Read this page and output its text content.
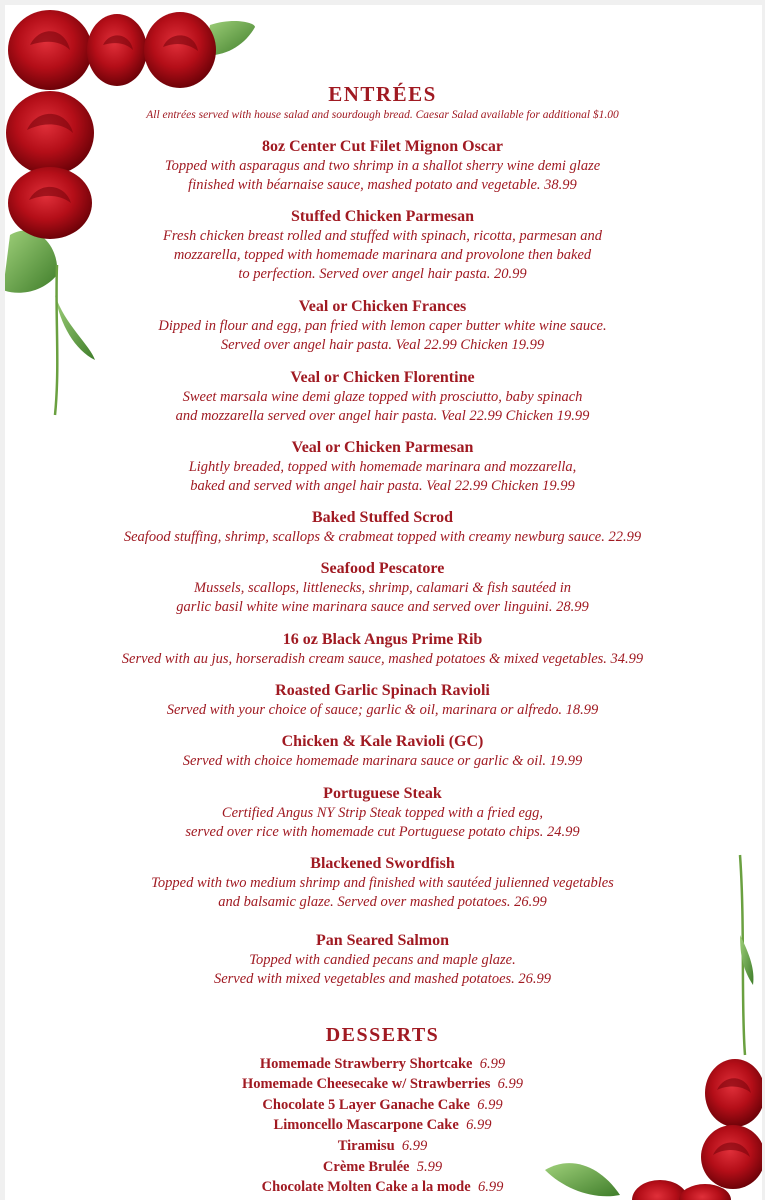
ENTRÉES
All entrées served with house salad and sourdough bread. Caesar Salad available for additional $1.00
8oz Center Cut Filet Mignon Oscar
Topped with asparagus and two shrimp in a shallot sherry wine demi glaze
finished with béarnaise sauce, mashed potato and vegetable. 38.99
Stuffed Chicken Parmesan
Fresh chicken breast rolled and stuffed with spinach, ricotta, parmesan and
mozzarella, topped with homemade marinara and provolone then baked
to perfection. Served over angel hair pasta. 20.99
Veal or Chicken Frances
Dipped in flour and egg, pan fried with lemon caper butter white wine sauce.
Served over angel hair pasta. Veal 22.99 Chicken 19.99
Veal or Chicken Florentine
Sweet marsala wine demi glaze topped with prosciutto, baby spinach
and mozzarella served over angel hair pasta. Veal 22.99 Chicken 19.99
Veal or Chicken Parmesan
Lightly breaded, topped with homemade marinara and mozzarella,
baked and served with angel hair pasta. Veal 22.99 Chicken 19.99
Baked Stuffed Scrod
Seafood stuffing, shrimp, scallops & crabmeat topped with creamy newburg sauce. 22.99
Seafood Pescatore
Mussels, scallops, littlenecks, shrimp, calamari & fish sautéed in
garlic basil white wine marinara sauce and served over linguini. 28.99
16 oz Black Angus Prime Rib
Served with au jus, horseradish cream sauce, mashed potatoes & mixed vegetables. 34.99
Roasted Garlic Spinach Ravioli
Served with your choice of sauce; garlic & oil, marinara or alfredo. 18.99
Chicken & Kale Ravioli (GC)
Served with choice homemade marinara sauce or garlic & oil. 19.99
Portuguese Steak
Certified Angus NY Strip Steak topped with a fried egg,
served over rice with homemade cut Portuguese potato chips. 24.99
Blackened Swordfish
Topped with two medium shrimp and finished with sautéed julienned vegetables
and balsamic glaze. Served over mashed potatoes. 26.99
Pan Seared Salmon
Topped with candied pecans and maple glaze.
Served with mixed vegetables and mashed potatoes. 26.99
DESSERTS
Homemade Strawberry Shortcake 6.99
Homemade Cheesecake w/ Strawberries 6.99
Chocolate 5 Layer Ganache Cake 6.99
Limoncello Mascarpone Cake 6.99
Tiramisu 6.99
Crème Brulée 5.99
Chocolate Molten Cake a la mode 6.99
